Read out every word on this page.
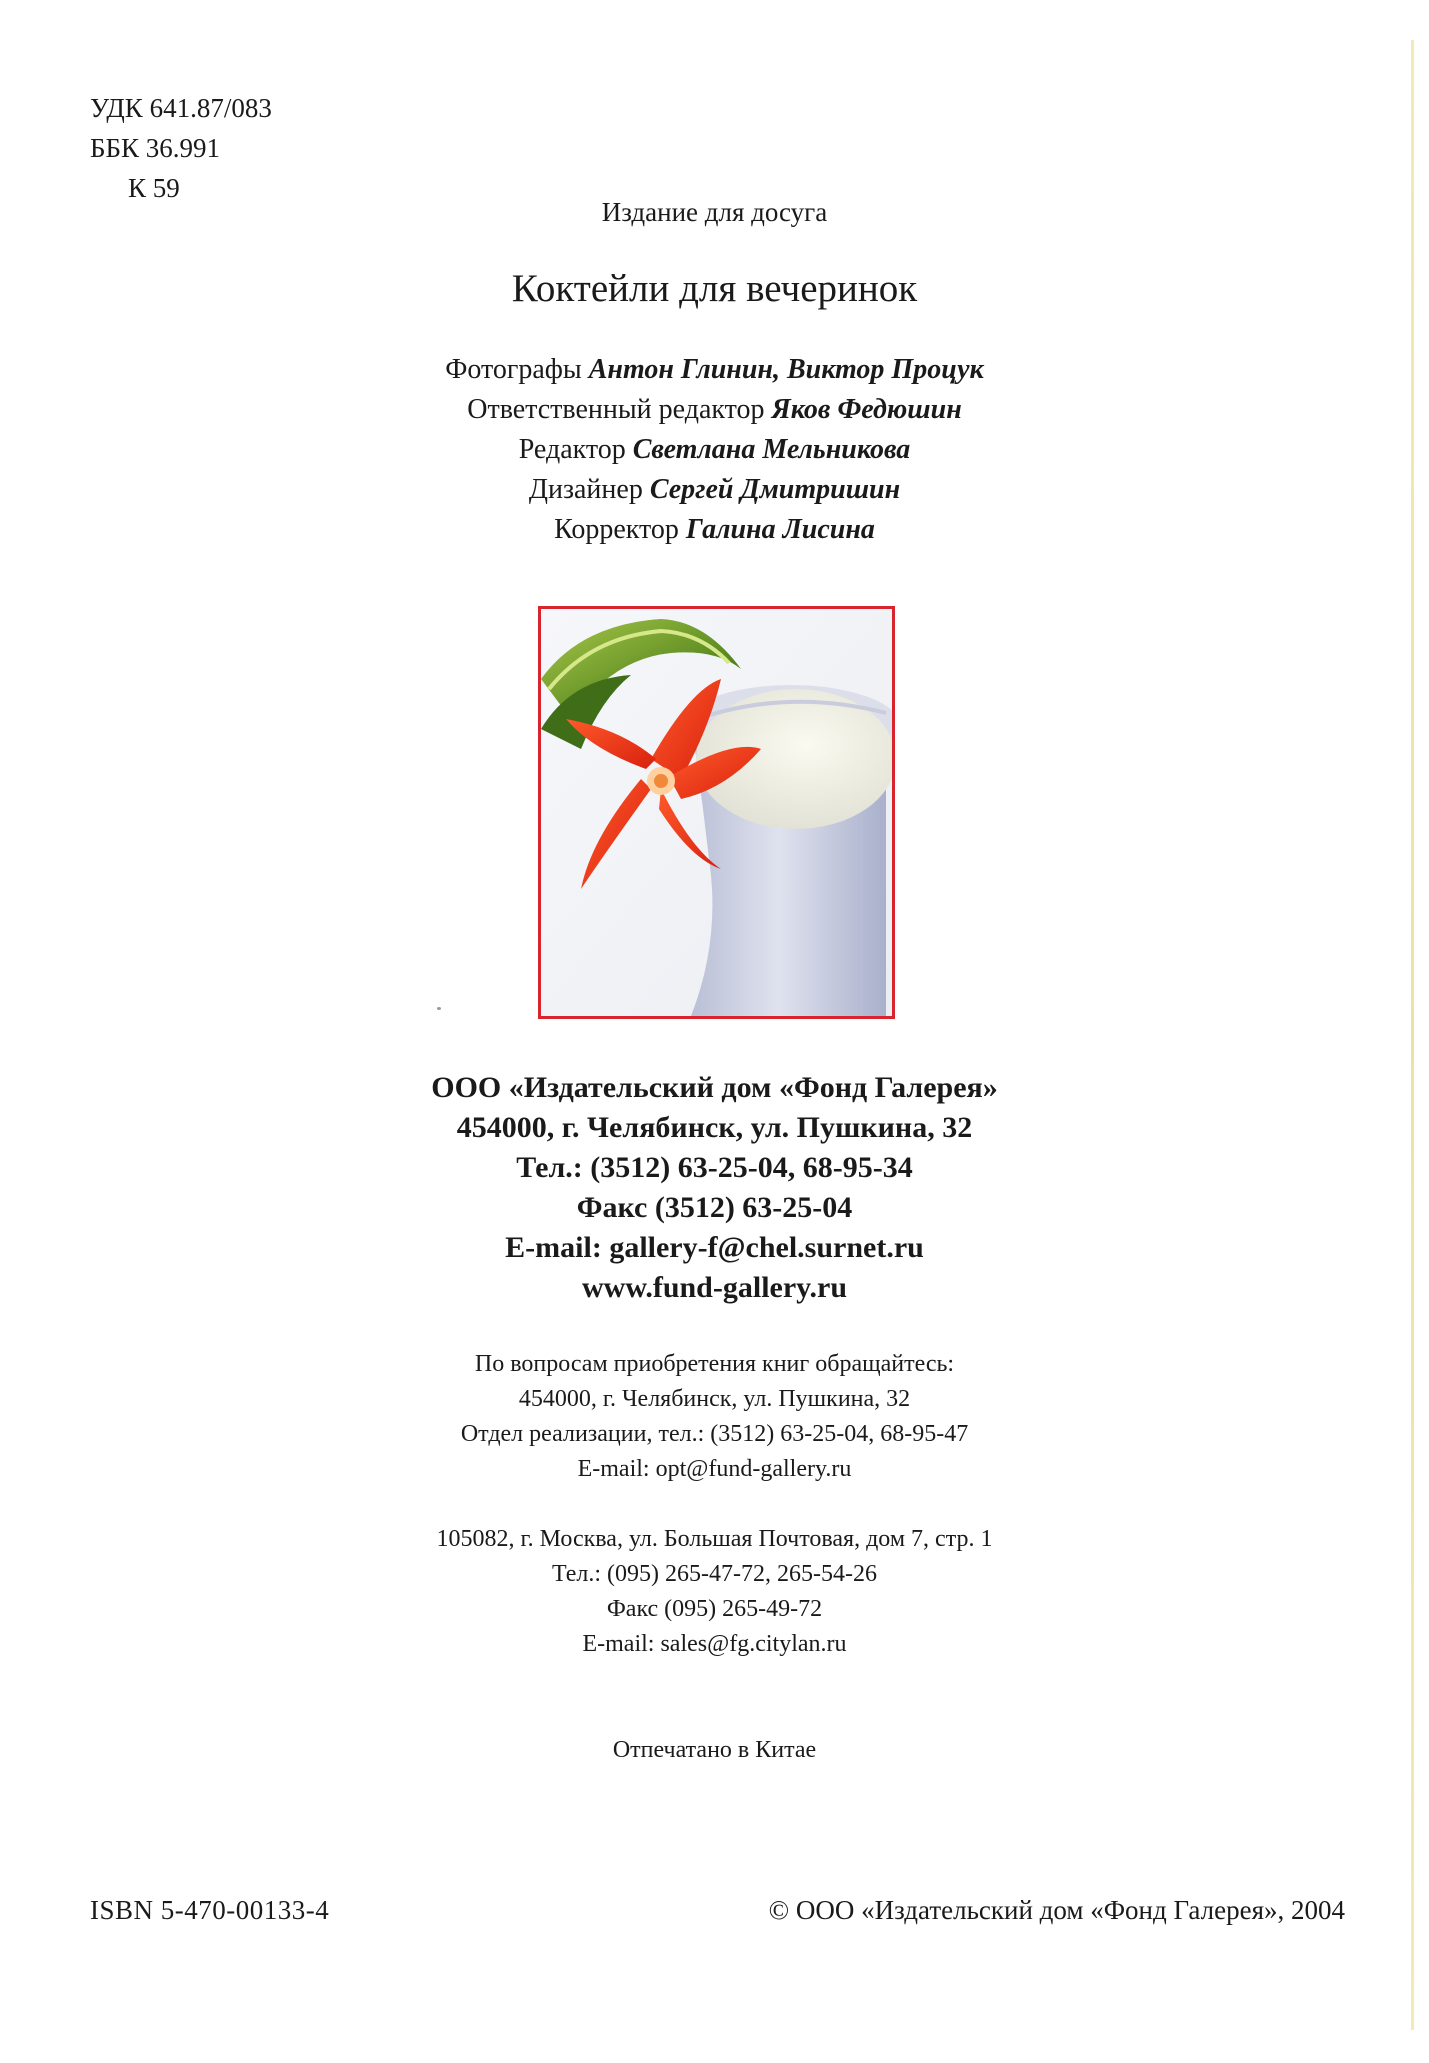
УДК 641.87/083
ББК 36.991
К 59
Издание для досуга
Коктейли для вечеринок
Фотографы Антон Глинин, Виктор Процук
Ответственный редактор Яков Федюшин
Редактор Светлана Мельникова
Дизайнер Сергей Дмитришин
Корректор Галина Лисина
ООО «Издательский дом «Фонд Галерея»
454000, г. Челябинск, ул. Пушкина, 32
Тел.: (3512) 63-25-04, 68-95-34
Факс (3512) 63-25-04
E-mail: gallery-f@chel.surnet.ru
www.fund-gallery.ru
По вопросам приобретения книг обращайтесь:
454000, г. Челябинск, ул. Пушкина, 32
Отдел реализации, тел.: (3512) 63-25-04, 68-95-47
E-mail: opt@fund-gallery.ru
105082, г. Москва, ул. Большая Почтовая, дом 7, стр. 1
Тел.: (095) 265-47-72, 265-54-26
Факс (095) 265-49-72
E-mail: sales@fg.citylan.ru
Отпечатано в Китае
ISBN 5-470-00133-4	© ООО «Издательский дом «Фонд Галерея», 2004
